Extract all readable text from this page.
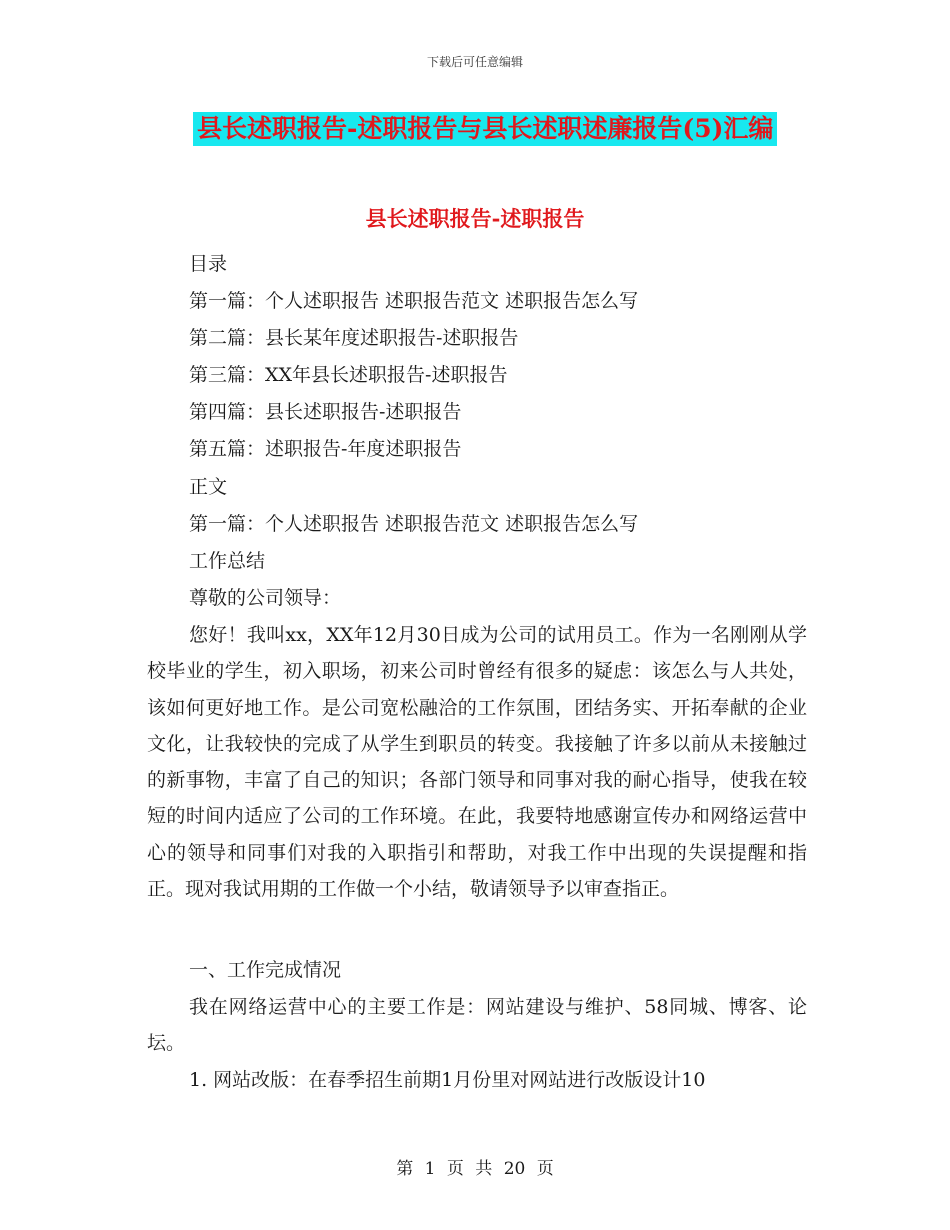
下载后可任意编辑
县长述职报告-述职报告与县长述职述廉报告(5)汇编
县长述职报告-述职报告
目录
第一篇：个人述职报告 述职报告范文 述职报告怎么写
第二篇：县长某年度述职报告-述职报告
第三篇：XX年县长述职报告-述职报告
第四篇：县长述职报告-述职报告
第五篇：述职报告-年度述职报告
正文
第一篇：个人述职报告 述职报告范文 述职报告怎么写
工作总结
尊敬的公司领导：

您好！我叫xx，XX年12月30日成为公司的试用员工。作为一名刚刚从学校毕业的学生，初入职场，初来公司时曾经有很多的疑虑：该怎么与人共处，该如何更好地工作。是公司宽松融洽的工作氛围，团结务实、开拓奉献的企业文化，让我较快的完成了从学生到职员的转变。我接触了许多以前从未接触过的新事物，丰富了自己的知识；各部门领导和同事对我的耐心指导，使我在较短的时间内适应了公司的工作环境。在此，我要特地感谢宣传办和网络运营中心的领导和同事们对我的入职指引和帮助，对我工作中出现的失误提醒和指正。现对我试用期的工作做一个小结，敬请领导予以审查指正。

一、工作完成情况

我在网络运营中心的主要工作是：网站建设与维护、58同城、博客、论坛。

1. 网站改版：在春季招生前期1月份里对网站进行改版设计10
第 1 页 共 20 页
